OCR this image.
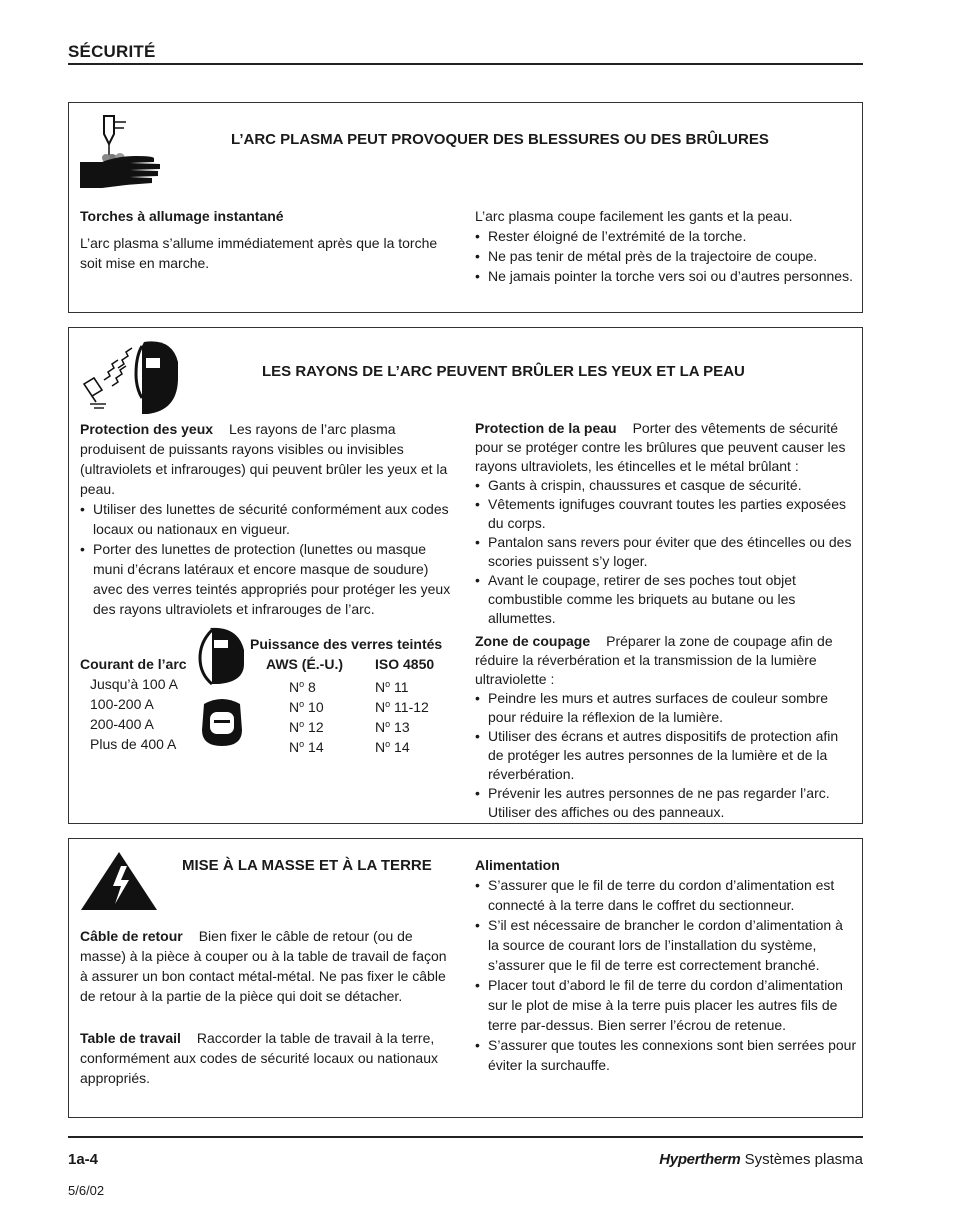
SÉCURITÉ
L’ARC PLASMA PEUT PROVOQUER DES BLESSURES OU DES BRÛLURES

Torches à allumage instantané

L’arc plasma s’allume immédiatement après que la torche soit mise en marche.

L’arc plasma coupe facilement les gants et la peau.

• Rester éloigné de l’extrémité de la torche.
• Ne pas tenir de métal près de la trajectoire de coupe.
• Ne jamais pointer la torche vers soi ou d’autres personnes.
LES RAYONS DE L’ARC PEUVENT BRÛLER LES YEUX ET LA PEAU

Protection des yeux Les rayons de l’arc plasma produisent de puissants rayons visibles ou invisibles (ultraviolets et infrarouges) qui peuvent brûler les yeux et la peau.

• Utiliser des lunettes de sécurité conformément aux codes locaux ou nationaux en vigueur.
• Porter des lunettes de protection (lunettes ou masque muni d’écrans latéraux et encore masque de soudure) avec des verres teintés appropriés pour protéger les yeux des rayons ultraviolets et infrarouges de l’arc.
Puissance des verres teintés
Courant de l’arc	AWS (É.-U.) ISO 4850
Jusqu’à 100 A	$N^o$ 8	$N^o$ 11
100-200 A	$N^o$ 10	$N^o$ 11-12
200-400 A	$N^o$ 12	$N^o$ 13
Plus de 400 A	$N^o$ 14	$N^o$ 14

Protection de la peau Porter des vêtements de sécurité pour se protéger contre les brûlures que peuvent causer les rayons ultraviolets, les étincelles et le métal brûlant :

• Gants à crispin, chaussures et casque de sécurité.
• Vêtements ignifuges couvrant toutes les parties exposées du corps.
• Pantalon sans revers pour éviter que des étincelles ou des scories puissent s’y loger.
• Avant le coupage, retirer de ses poches tout objet combustible comme les briquets au butane ou les allumettes.

Zone de coupage Préparer la zone de coupage afin de réduire la réverbération et la transmission de la lumière ultraviolette :

• Peindre les murs et autres surfaces de couleur sombre pour réduire la réflexion de la lumière.
• Utiliser des écrans et autres dispositifs de protection afin de protéger les autres personnes de la lumière et de la réverbération.
• Prévenir les autres personnes de ne pas regarder l’arc. Utiliser des affiches ou des panneaux.
MISE À LA MASSE ET À LA TERRE

Câble de retour Bien fixer le câble de retour (ou de masse) à la pièce à couper ou à la table de travail de façon à assurer un bon contact métal-métal. Ne pas fixer le câble de retour à la partie de la pièce qui doit se détacher.

Table de travail Raccorder la table de travail à la terre, conformément aux codes de sécurité locaux ou nationaux appropriés.

Alimentation

• S’assurer que le fil de terre du cordon d’alimentation est connecté à la terre dans le coffret du sectionneur.
• S’il est nécessaire de brancher le cordon d’alimentation à la source de courant lors de l’installation du système, s’assurer que le fil de terre est correctement branché.
• Placer tout d’abord le fil de terre du cordon d’alimentation sur le plot de mise à la terre puis placer les autres fils de terre par-dessus. Bien serrer l’écrou de retenue.
• S’assurer que toutes les connexions sont bien serrées pour éviter la surchauffe.
1a-4
5/6/02
Hypertherm Systèmes plasma
